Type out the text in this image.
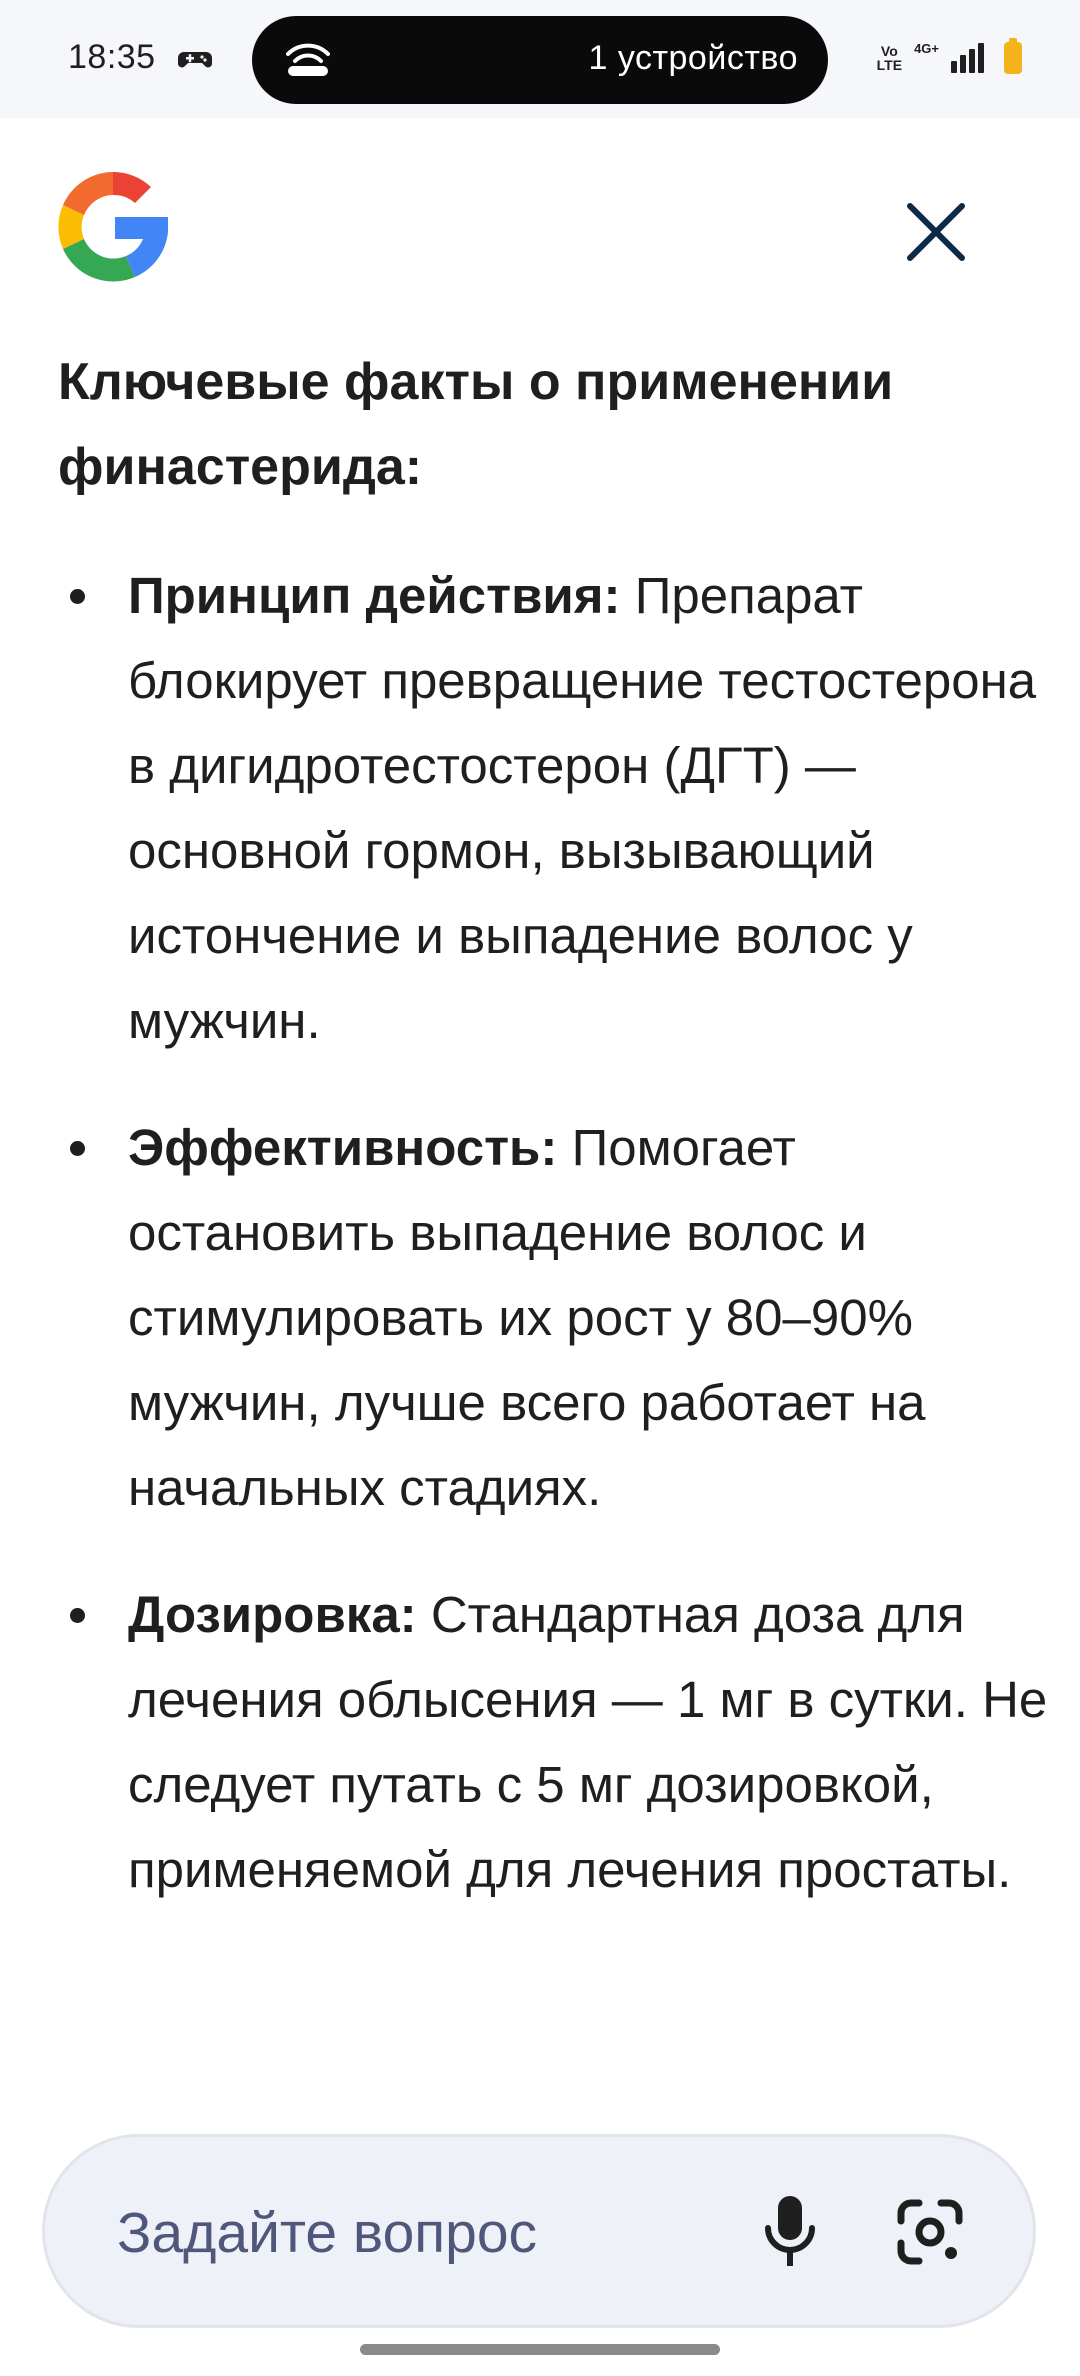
18:35	1 устройство	Vo
LTE
4G+
Ключевые факты о применении финастерида:
Принцип действия: Препарат блокирует превращение тестостерона в дигидротестостерон (ДГТ) — основной гормон, вызывающий истончение и выпадение волос у мужчин.
Эффективность: Помогает остановить выпадение волос и стимулировать их рост у 80–90% мужчин, лучше всего работает на начальных стадиях.
Дозировка: Стандартная доза для лечения облысения — 1 мг в сутки. Не следует путать с 5 мг дозировкой, применяемой для лечения простаты.
Задайте вопрос
